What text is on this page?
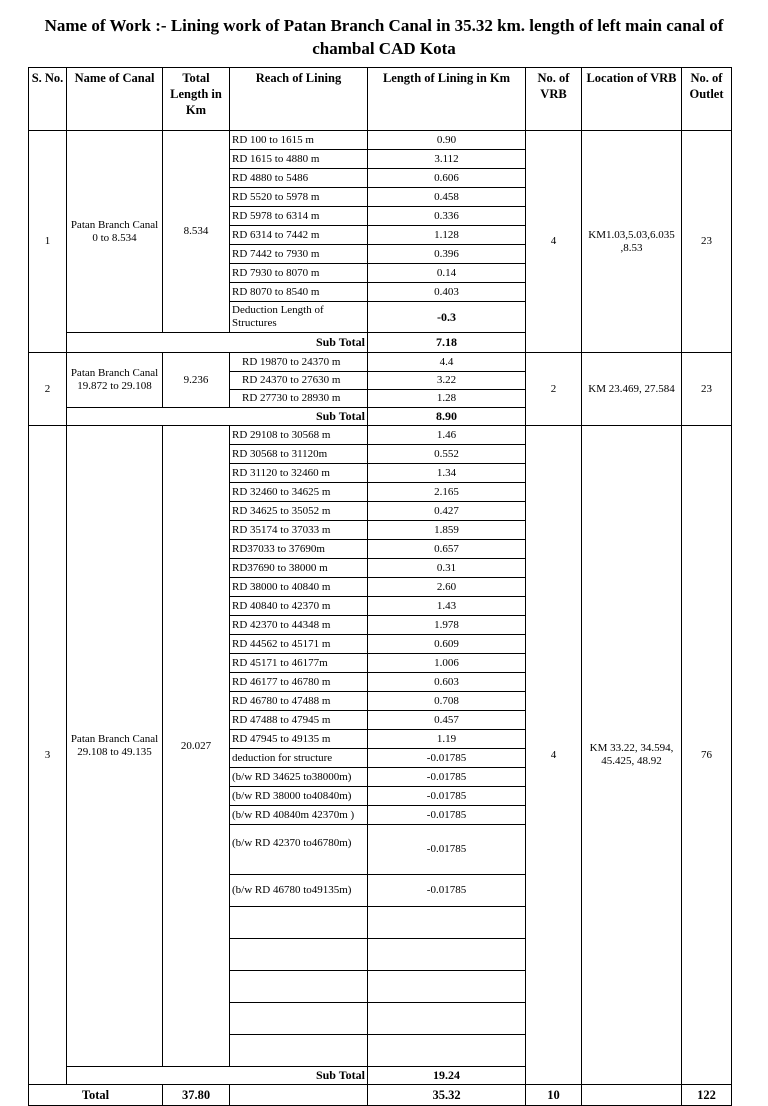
Name of Work :- Lining work of Patan Branch Canal in 35.32 km. length of left main canal of chambal CAD Kota
S. No.	Name of Canal	Total Length in Km	Reach of Lining	Length of Lining in Km	No. of VRB	Location of VRB	No. of Outlet
1	Patan Branch Canal 0 to 8.534	8.534	RD 100 to 1615 m	0.90	4	KM1.03,5.03,6.035 ,8.53	23
			RD 1615 to 4880 m	3.112			
			RD 4880 to 5486	0.606			
			RD 5520 to 5978 m	0.458			
			RD 5978 to 6314 m	0.336			
			RD 6314 to 7442 m	1.128			
			RD 7442 to 7930 m	0.396			
			RD 7930 to 8070 m	0.14			
			RD 8070 to 8540 m	0.403			
			Deduction Length of Structures	-0.3			
	Sub Total			7.18			
2	Patan Branch Canal 19.872 to 29.108	9.236	RD 19870 to 24370 m	4.4	2	KM 23.469, 27.584	23
			RD 24370 to 27630 m	3.22			
			RD 27730 to 28930 m	1.28			
	Sub Total			8.90			
3	Patan Branch Canal 29.108 to 49.135	20.027	RD 29108 to 30568 m	1.46	4	KM 33.22, 34.594, 45.425, 48.92	76
			RD 30568 to 31120m	0.552			
			RD 31120 to 32460 m	1.34			
			RD 32460 to 34625 m	2.165			
			RD 34625 to 35052 m	0.427			
			RD 35174 to 37033 m	1.859			
			RD37033 to 37690m	0.657			
			RD37690 to 38000 m	0.31			
			RD 38000 to 40840 m	2.60			
			RD 40840 to 42370 m	1.43			
			RD 42370 to 44348 m	1.978			
			RD 44562 to 45171 m	0.609			
			RD 45171 to 46177m	1.006			
			RD 46177 to 46780 m	0.603			
			RD 46780 to 47488 m	0.708			
			RD 47488 to 47945 m	0.457			
			RD 47945 to 49135 m	1.19			
			deduction for structure	-0.01785			
			(b/w RD 34625 to38000m)	-0.01785			
			(b/w RD 38000 to40840m)	-0.01785			
			(b/w RD 40840m 42370m )	-0.01785			
			(b/w RD 42370 to46780m)	-0.01785			
			(b/w RD 46780 to49135m)	-0.01785			

	Sub Total			19.24			
Total		37.80		35.32	10		122
